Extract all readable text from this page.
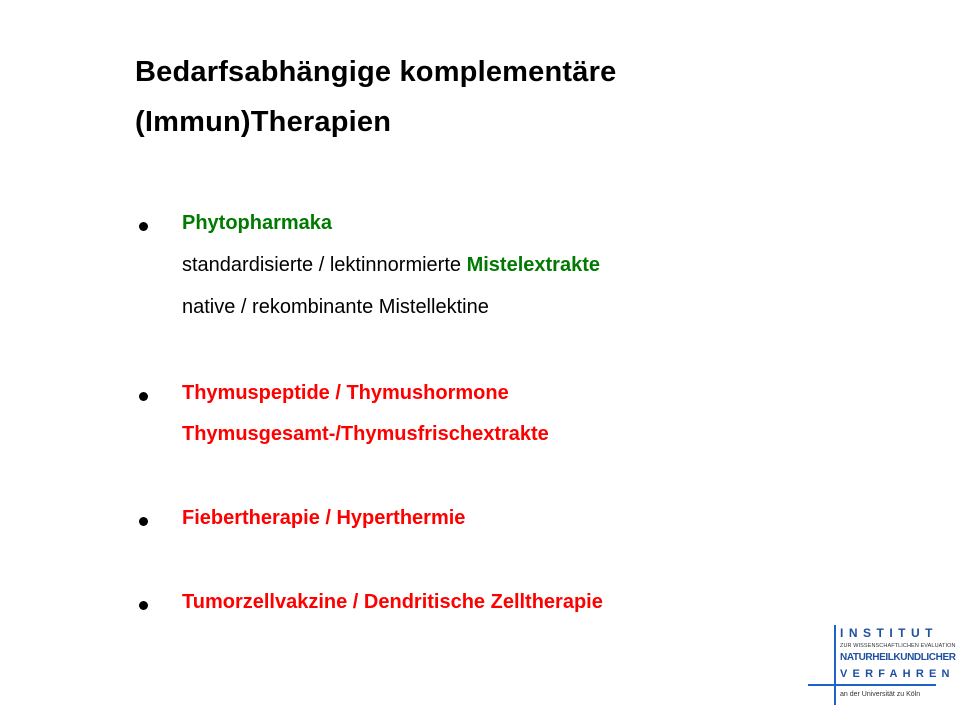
Bedarfsabhängige komplementäre
(Immun)Therapien
Phytopharmaka
standardisierte / lektinnormierte Mistelextrakte
native / rekombinante Mistellektine
Thymuspeptide / Thymushormone
Thymusgesamt-/Thymusfrischextrakte
Fiebertherapie / Hyperthermie
Tumorzellvakzine / Dendritische Zelltherapie
INSTITUT
ZUR WISSENSCHAFTLICHEN EVALUATION
NATURHEILKUNDLICHER
VERFAHREN
an der Universität zu Köln
